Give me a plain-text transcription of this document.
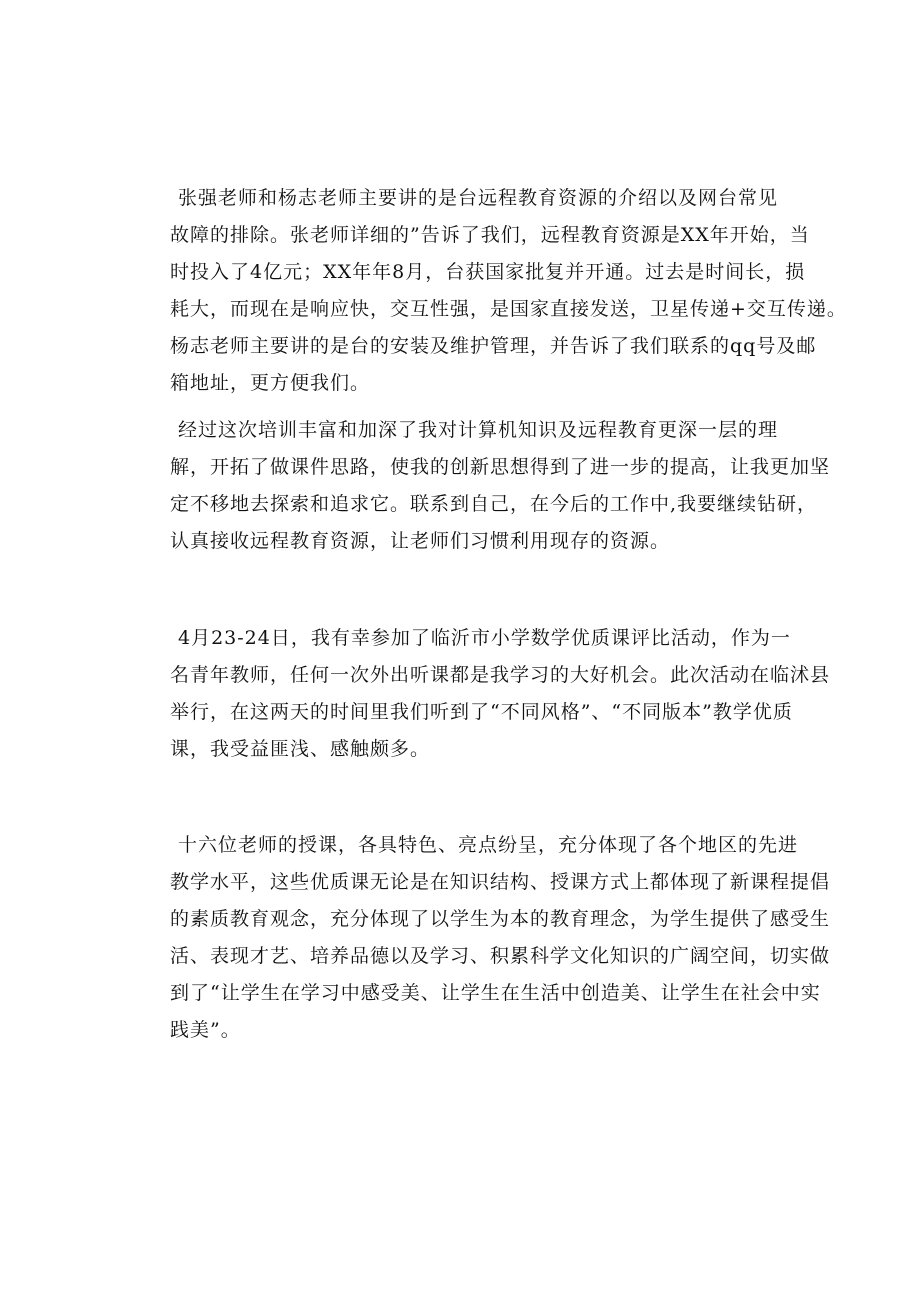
张强老师和杨志老师主要讲的是台远程教育资源的介绍以及网台常见
故障的排除。张老师详细的”告诉了我们，远程教育资源是XX年开始，当
时投入了4亿元；XX年年8月，台获国家批复并开通。过去是时间长，损
耗大，而现在是响应快，交互性强，是国家直接发送，卫星传递+交互传递。
杨志老师主要讲的是台的安装及维护管理，并告诉了我们联系的qq号及邮
箱地址，更方便我们。
经过这次培训丰富和加深了我对计算机知识及远程教育更深一层的理
解，开拓了做课件思路，使我的创新思想得到了进一步的提高，让我更加坚
定不移地去探索和追求它。联系到自己，在今后的工作中,我要继续钻研，
认真接收远程教育资源，让老师们习惯利用现存的资源。
4月23-24日，我有幸参加了临沂市小学数学优质课评比活动，作为一
名青年教师，任何一次外出听课都是我学习的大好机会。此次活动在临沭县
举行，在这两天的时间里我们听到了“不同风格”、“不同版本”教学优质
课，我受益匪浅、感触颇多。
十六位老师的授课，各具特色、亮点纷呈，充分体现了各个地区的先进
教学水平，这些优质课无论是在知识结构、授课方式上都体现了新课程提倡
的素质教育观念，充分体现了以学生为本的教育理念，为学生提供了感受生
活、表现才艺、培养品德以及学习、积累科学文化知识的广阔空间，切实做
到了“让学生在学习中感受美、让学生在生活中创造美、让学生在社会中实
践美”。
